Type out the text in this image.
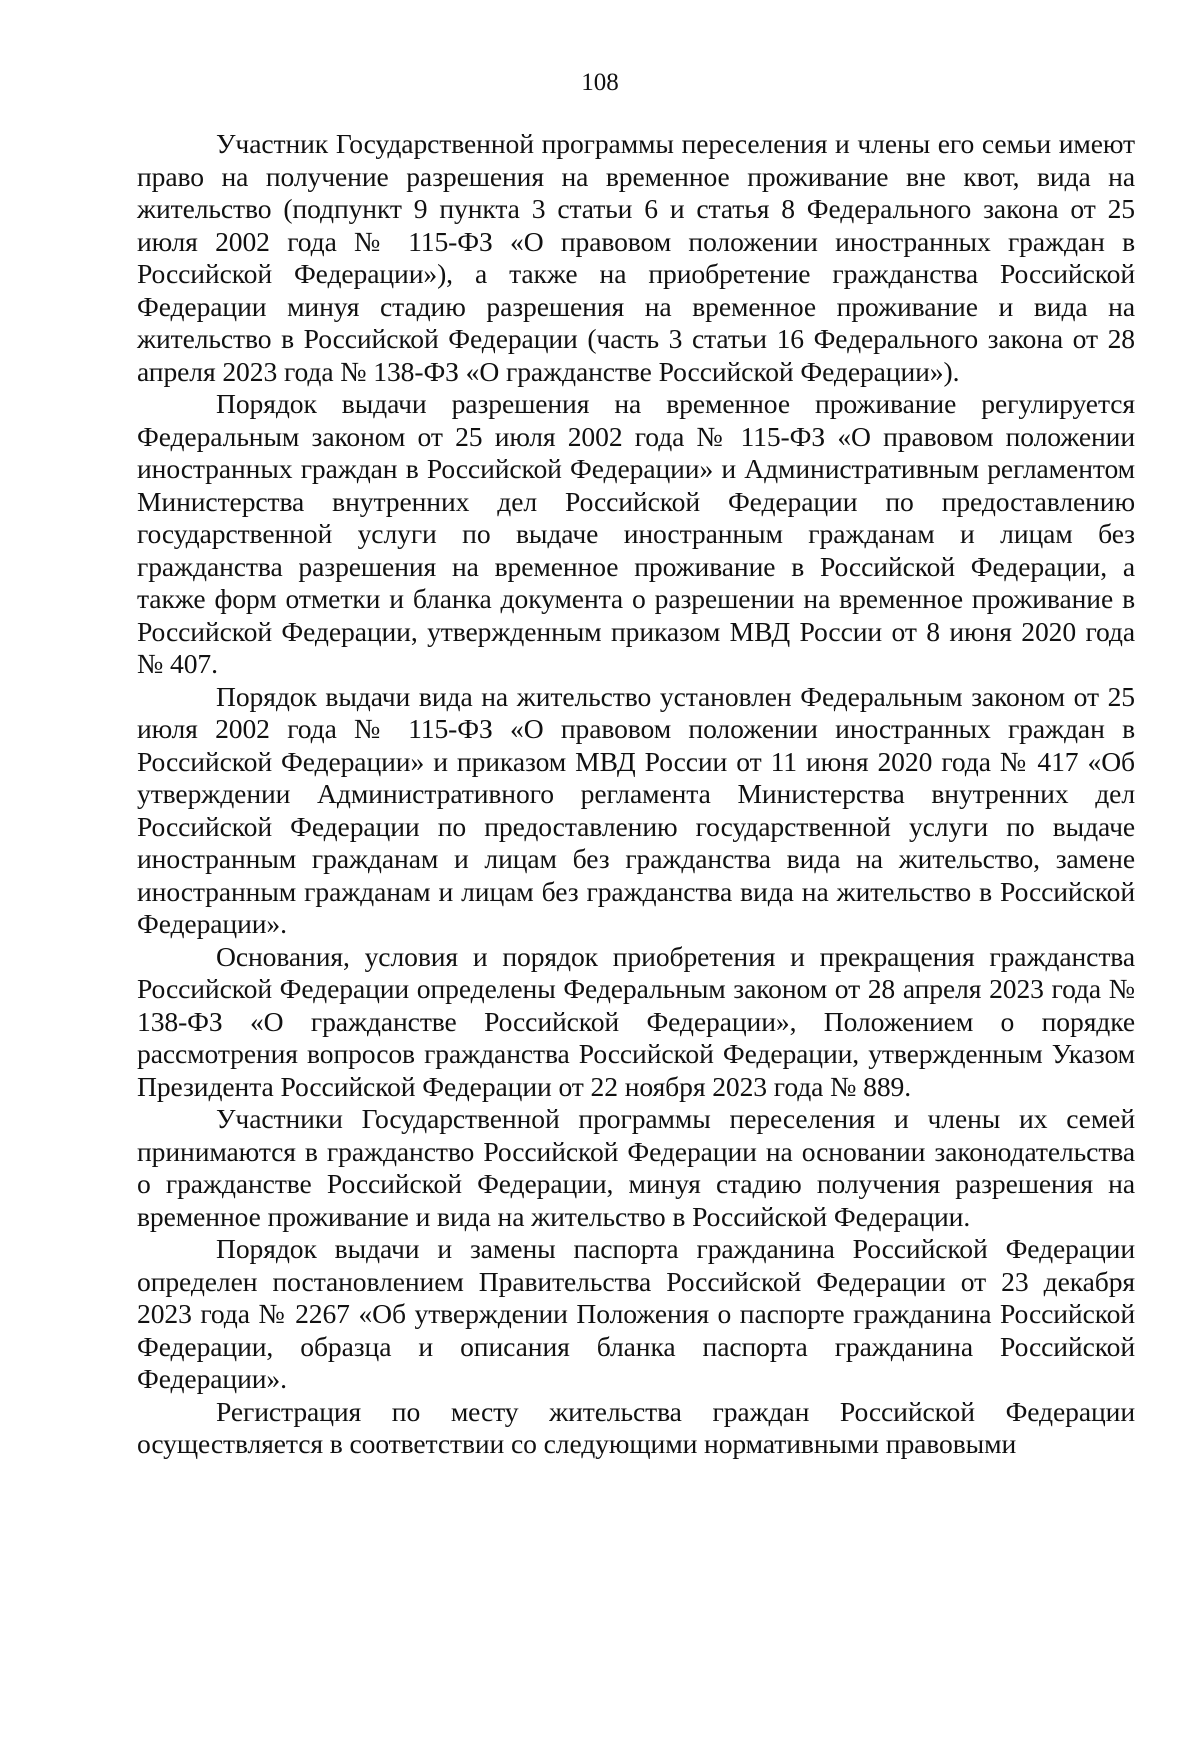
108

Участник Государственной программы переселения и члены его семьи имеют право на получение разрешения на временное проживание вне квот, вида на жительство (подпункт 9 пункта 3 статьи 6 и статья 8 Федерального закона от 25 июля 2002 года № 115-ФЗ «О правовом положении иностранных граждан в Российской Федерации»), а также на приобретение гражданства Российской Федерации минуя стадию разрешения на временное проживание и вида на жительство в Российской Федерации (часть 3 статьи 16 Федерального закона от 28 апреля 2023 года № 138-ФЗ «О гражданстве Российской Федерации»).

Порядок выдачи разрешения на временное проживание регулируется Федеральным законом от 25 июля 2002 года № 115-ФЗ «О правовом положении иностранных граждан в Российской Федерации» и Административным регламентом Министерства внутренних дел Российской Федерации по предоставлению государственной услуги по выдаче иностранным гражданам и лицам без гражданства разрешения на временное проживание в Российской Федерации, а также форм отметки и бланка документа о разрешении на временное проживание в Российской Федерации, утвержденным приказом МВД России от 8 июня 2020 года № 407.

Порядок выдачи вида на жительство установлен Федеральным законом от 25 июля 2002 года № 115-ФЗ «О правовом положении иностранных граждан в Российской Федерации» и приказом МВД России от 11 июня 2020 года № 417 «Об утверждении Административного регламента Министерства внутренних дел Российской Федерации по предоставлению государственной услуги по выдаче иностранным гражданам и лицам без гражданства вида на жительство, замене иностранным гражданам и лицам без гражданства вида на жительство в Российской Федерации».

Основания, условия и порядок приобретения и прекращения гражданства Российской Федерации определены Федеральным законом от 28 апреля 2023 года № 138-ФЗ «О гражданстве Российской Федерации», Положением о порядке рассмотрения вопросов гражданства Российской Федерации, утвержденным Указом Президента Российской Федерации от 22 ноября 2023 года № 889.

Участники Государственной программы переселения и члены их семей принимаются в гражданство Российской Федерации на основании законодательства о гражданстве Российской Федерации, минуя стадию получения разрешения на временное проживание и вида на жительство в Российской Федерации.

Порядок выдачи и замены паспорта гражданина Российской Федерации определен постановлением Правительства Российской Федерации от 23 декабря 2023 года № 2267 «Об утверждении Положения о паспорте гражданина Российской Федерации, образца и описания бланка паспорта гражданина Российской Федерации».

Регистрация по месту жительства граждан Российской Федерации осуществляется в соответствии со следующими нормативными правовыми
